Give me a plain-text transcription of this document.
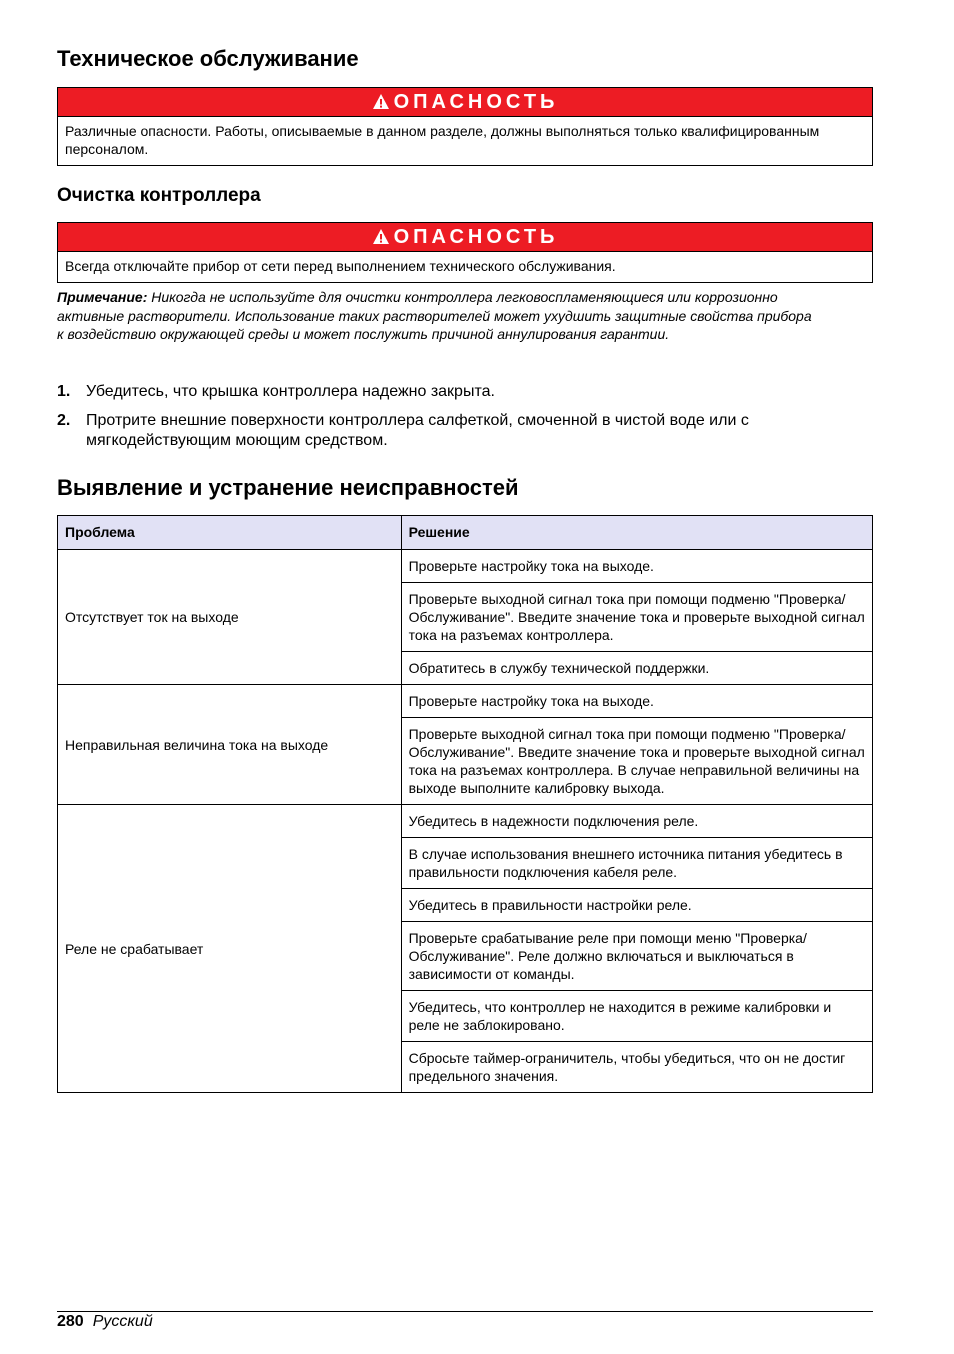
Техническое обслуживание
ОПАСНОСТЬ
Различные опасности. Работы, описываемые в данном разделе, должны выполняться только квалифицированным персоналом.
Очистка контроллера
ОПАСНОСТЬ
Всегда отключайте прибор от сети перед выполнением технического обслуживания.
Примечание: Никогда не используйте для очистки контроллера легковоспламеняющиеся или коррозионно активные растворители. Использование таких растворителей может ухудшить защитные свойства прибора к воздействию окружающей среды и может послужить причиной аннулирования гарантии.
1. Убедитесь, что крышка контроллера надежно закрыта.
2. Протрите внешние поверхности контроллера салфеткой, смоченной в чистой воде или с мягкодействующим моющим средством.
Выявление и устранение неисправностей
Проблема	Решение
Отсутствует ток на выходе	Проверьте настройку тока на выходе.
	Проверьте выходной сигнал тока при помощи подменю "Проверка/Обслуживание". Введите значение тока и проверьте выходной сигнал тока на разъемах контроллера.
	Обратитесь в службу технической поддержки.
Неправильная величина тока на выходе	Проверьте настройку тока на выходе.
	Проверьте выходной сигнал тока при помощи подменю "Проверка/Обслуживание". Введите значение тока и проверьте выходной сигнал тока на разъемах контроллера. В случае неправильной величины на выходе выполните калибровку выхода.
Реле не срабатывает	Убедитесь в надежности подключения реле.
	В случае использования внешнего источника питания убедитесь в правильности подключения кабеля реле.
	Убедитесь в правильности настройки реле.
	Проверьте срабатывание реле при помощи меню "Проверка/Обслуживание". Реле должно включаться и выключаться в зависимости от команды.
	Убедитесь, что контроллер не находится в режиме калибровки и реле не заблокировано.
	Сбросьте таймер-ограничитель, чтобы убедиться, что он не достиг предельного значения.
280 Русский
